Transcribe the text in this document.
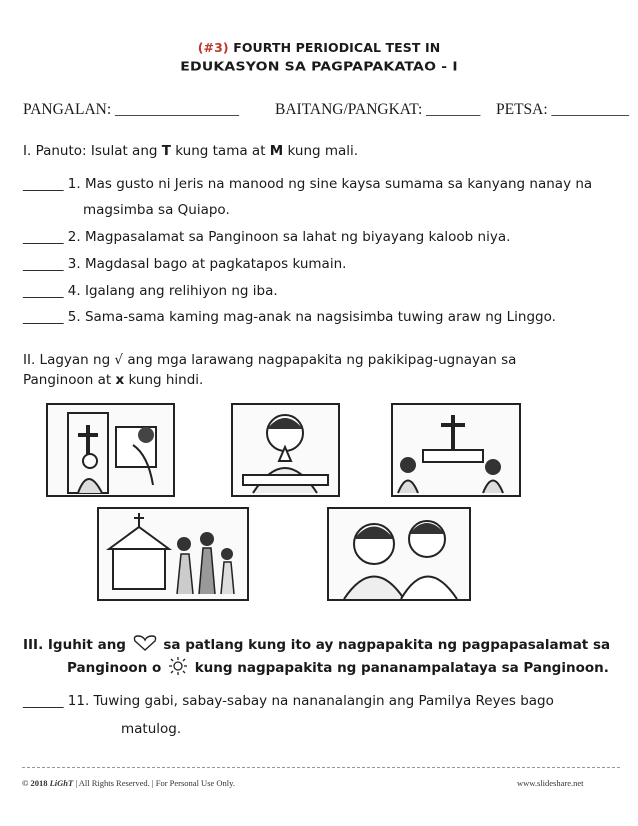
(#3) FOURTH PERIODICAL TEST IN
EDUKASYON SA PAGPAPAKATAO - I
PANGALAN: ________________ BAITANG/PANGKAT: _______ PETSA: __________
I. Panuto: Isulat ang T kung tama at M kung mali.
______ 1. Mas gusto ni Jeris na manood ng sine kaysa sumama sa kanyang nanay na
magsimba sa Quiapo.
______ 2. Magpasalamat sa Panginoon sa lahat ng biyayang kaloob niya.
______ 3. Magdasal bago at pagkatapos kumain.
______ 4. Igalang ang relihiyon ng iba.
______ 5. Sama-sama kaming mag-anak na nagsisimba tuwing araw ng Linggo.
II. Lagyan ng √ ang mga larawang nagpapakita ng pakikipag-ugnayan sa
Panginoon at x kung hindi.
III. Iguhit ang  sa patlang kung ito ay nagpapakita ng pagpapasalamat sa
Panginoon o  kung nagpapakita ng pananampalataya sa Panginoon.
______ 11. Tuwing gabi, sabay-sabay na nananalangin ang Pamilya Reyes bago
matulog.
© 2018 LiGhT | All Rights Reserved. | For Personal Use Only.	www.slideshare.net
